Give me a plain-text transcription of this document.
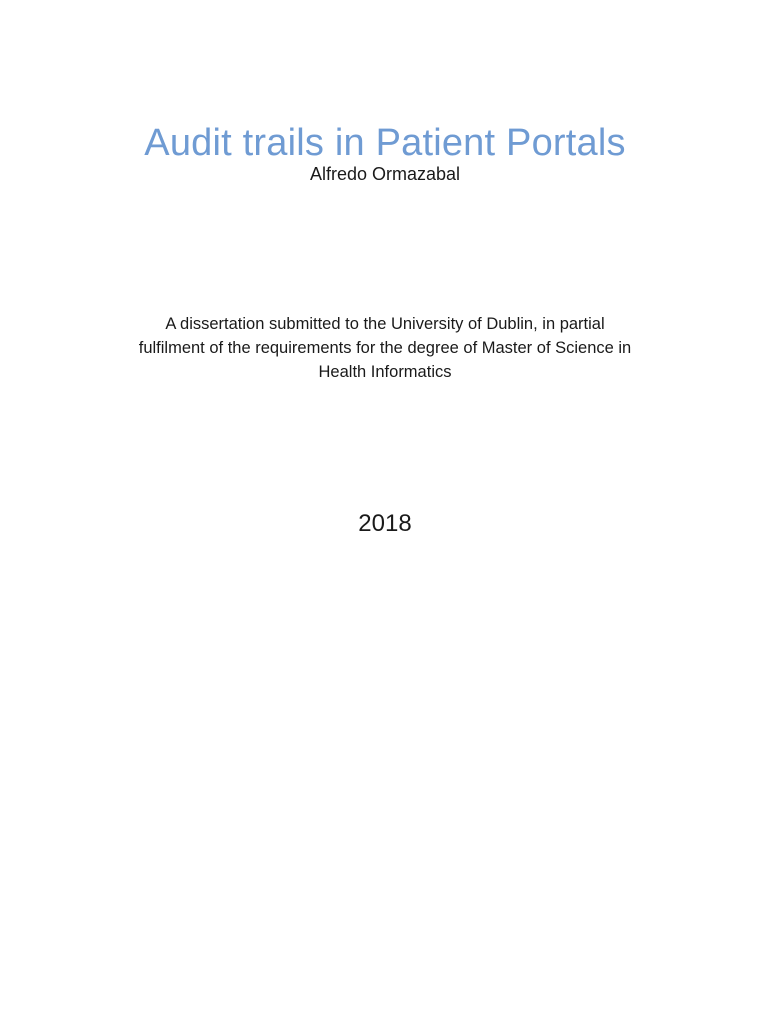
Audit trails in Patient Portals
Alfredo Ormazabal
A dissertation submitted to the University of Dublin, in partial
fulfilment of the requirements for the degree of Master of Science in
Health Informatics
2018
